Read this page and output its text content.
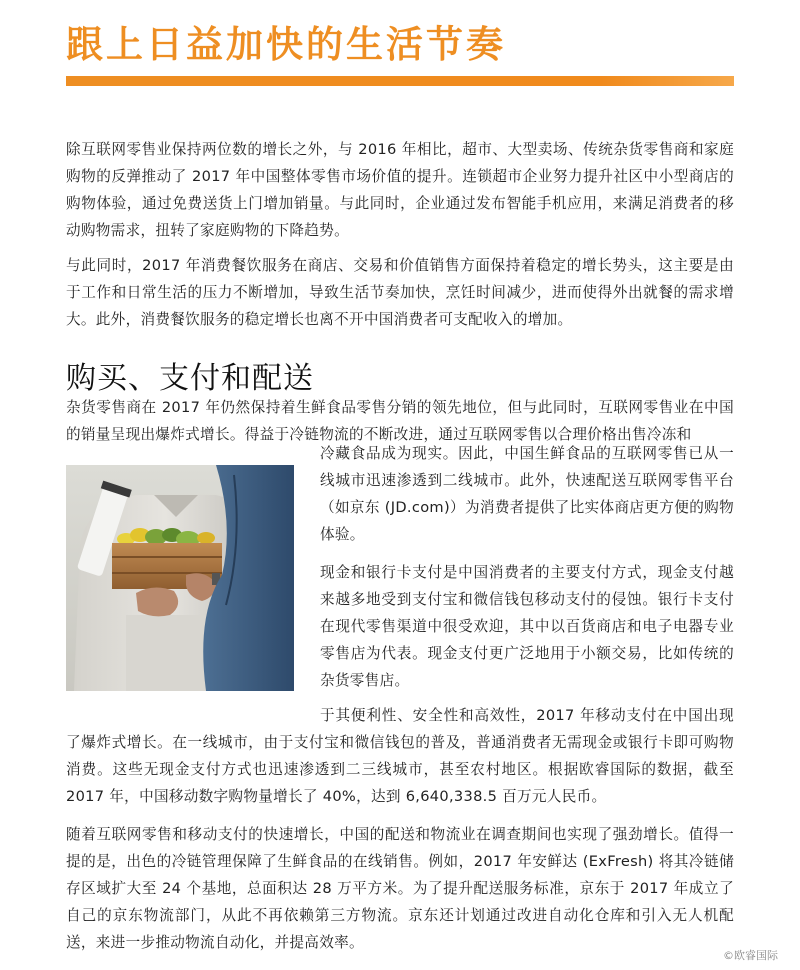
跟上日益加快的生活节奏

除互联网零售业保持两位数的增长之外，与 2016 年相比，超市、大型卖场、传统杂货零售商和家庭购物的反弹推动了 2017 年中国整体零售市场价值的提升。连锁超市企业努力提升社区中小型商店的购物体验，通过免费送货上门增加销量。与此同时，企业通过发布智能手机应用，来满足消费者的移动购物需求，扭转了家庭购物的下降趋势。

与此同时，2017 年消费餐饮服务在商店、交易和价值销售方面保持着稳定的增长势头，这主要是由于工作和日常生活的压力不断增加，导致生活节奏加快，烹饪时间减少，进而使得外出就餐的需求增大。此外，消费餐饮服务的稳定增长也离不开中国消费者可支配收入的增加。

购买、支付和配送

杂货零售商在 2017 年仍然保持着生鲜食品零售分销的领先地位，但与此同时，互联网零售业在中国的销量呈现出爆炸式增长。得益于冷链物流的不断改进，通过互联网零售以合理价格出售冷冻和

冷藏食品成为现实。因此，中国生鲜食品的互联网零售已从一线城市迅速渗透到二线城市。此外，快速配送互联网零售平台（如京东 (JD.com)）为消费者提供了比实体商店更方便的购物体验。

现金和银行卡支付是中国消费者的主要支付方式，现金支付越来越多地受到支付宝和微信钱包移动支付的侵蚀。银行卡支付在现代零售渠道中很受欢迎，其中以百货商店和电子电器专业零售店为代表。现金支付更广泛地用于小额交易，比如传统的杂货零售店。

于其便利性、安全性和高效性，2017 年移动支付在中国出现了爆炸式增长。在一线城市，由于支付宝和微信钱包的普及，普通消费者无需现金或银行卡即可购物消费。这些无现金支付方式也迅速渗透到二三线城市，甚至农村地区。根据欧睿国际的数据，截至 2017 年，中国移动数字购物量增长了 40%，达到 6,640,338.5 百万元人民币。

随着互联网零售和移动支付的快速增长，中国的配送和物流业在调查期间也实现了强劲增长。值得一提的是，出色的冷链管理保障了生鲜食品的在线销售。例如，2017 年安鲜达 (ExFresh) 将其冷链储存区域扩大至 24 个基地，总面积达 28 万平方米。为了提升配送服务标准，京东于 2017 年成立了自己的京东物流部门，从此不再依赖第三方物流。京东还计划通过改进自动化仓库和引入无人机配送，来进一步推动物流自动化，并提高效率。

©欧睿国际
